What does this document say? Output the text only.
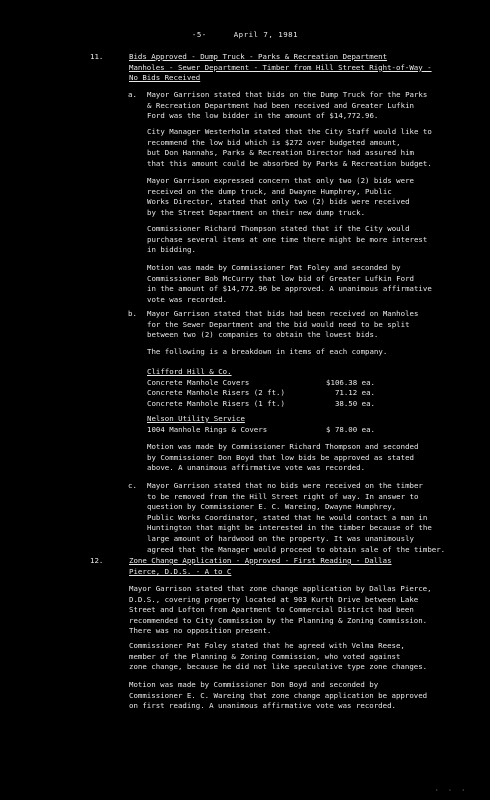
-5-	April 7, 1981
11.	Bids Approved - Dump Truck - Parks & Recreation Department
Manholes - Sewer Department - Timber from Hill Street Right-of-Way -
No Bids Received
a. Mayor Garrison stated that bids on the Dump Truck for the Parks
& Recreation Department had been received and Greater Lufkin
Ford was the low bidder in the amount of $14,772.96.
City Manager Westerholm stated that the City Staff would like to
recommend the low bid which is $272 over budgeted amount,
but Don Hannahs, Parks & Recreation Director had assured him
that this amount could be absorbed by Parks & Recreation budget.
Mayor Garrison expressed concern that only two (2) bids were
received on the dump truck, and Dwayne Humphrey, Public
Works Director, stated that only two (2) bids were received
by the Street Department on their new dump truck.
Commissioner Richard Thompson stated that if the City would
purchase several items at one time there might be more interest
in bidding.
Motion was made by Commissioner Pat Foley and seconded by
Commissioner Bob McCurry that low bid of Greater Lufkin Ford
in the amount of $14,772.96 be approved. A unanimous affirmative
vote was recorded.
b. Mayor Garrison stated that bids had been received on Manholes
for the Sewer Department and the bid would need to be split
between two (2) companies to obtain the lowest bids.
The following is a breakdown in items of each company.
Clifford Hill & Co.
Concrete Manhole Covers	$106.38 ea.
Concrete Manhole Risers (2 ft.)	71.12 ea.
Concrete Manhole Risers (1 ft.)	38.50 ea.
Nelson Utility Service
1004 Manhole Rings & Covers	$ 78.00 ea.
Motion was made by Commissioner Richard Thompson and seconded
by Commissioner Don Boyd that low bids be approved as stated
above. A unanimous affirmative vote was recorded.
c. Mayor Garrison stated that no bids were received on the timber
to be removed from the Hill Street right of way. In answer to
question by Commissioner E. C. Wareing, Dwayne Humphrey,
Public Works Coordinator, stated that he would contact a man in
Huntington that might be interested in the timber because of the
large amount of hardwood on the property. It was unanimously
agreed that the Manager would proceed to obtain sale of the timber.
12.	Zone Change Application - Approved - First Reading - Dallas
Pierce, D.D.S. - A to C
Mayor Garrison stated that zone change application by Dallas Pierce,
D.D.S., covering property located at 903 Kurth Drive between Lake
Street and Lofton from Apartment to Commercial District had been
recommended to City Commission by the Planning & Zoning Commission.
There was no opposition present.
Commissioner Pat Foley stated that he agreed with Velma Reese,
member of the Planning & Zoning Commission, who voted against
zone change, because he did not like speculative type zone changes.
Motion was made by Commissioner Don Boyd and seconded by
Commissioner E. C. Wareing that zone change application be approved
on first reading. A unanimous affirmative vote was recorded.
· · ·
